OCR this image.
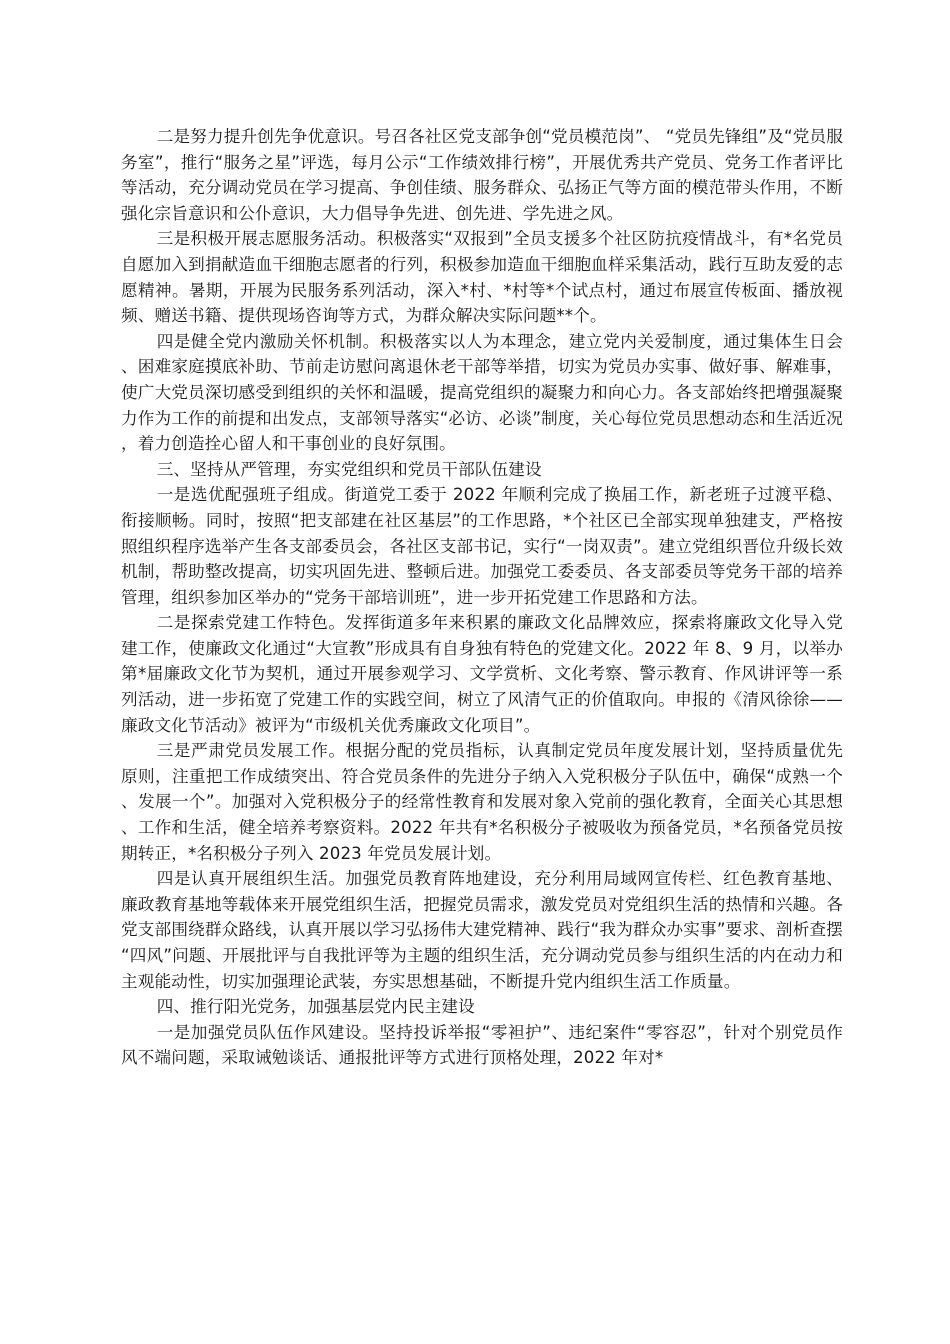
二是努力提升创先争优意识。号召各社区党支部争创“党员模范岗”、 “党员先锋组”及“党员服务室”，推行“服务之星”评选，每月公示“工作绩效排行榜”，开展优秀共产党员、党务工作者评比等活动，充分调动党员在学习提高、争创佳绩、服务群众、弘扬正气等方面的模范带头作用，不断强化宗旨意识和公仆意识，大力倡导争先进、创先进、学先进之风。

三是积极开展志愿服务活动。积极落实“双报到”全员支援多个社区防抗疫情战斗，有*名党员自愿加入到捐献造血干细胞志愿者的行列，积极参加造血干细胞血样采集活动，践行互助友爱的志愿精神。暑期，开展为民服务系列活动，深入*村、*村等*个试点村，通过布展宣传板面、播放视频、赠送书籍、提供现场咨询等方式，为群众解决实际问题**个。

四是健全党内激励关怀机制。积极落实以人为本理念，建立党内关爱制度，通过集体生日会、困难家庭摸底补助、节前走访慰问离退休老干部等举措，切实为党员办实事、做好事、解难事，使广大党员深切感受到组织的关怀和温暖，提高党组织的凝聚力和向心力。各支部始终把增强凝聚力作为工作的前提和出发点，支部领导落实“必访、必谈”制度，关心每位党员思想动态和生活近况，着力创造拴心留人和干事创业的良好氛围。

三、坚持从严管理，夯实党组织和党员干部队伍建设

一是选优配强班子组成。街道党工委于 2022 年顺利完成了换届工作，新老班子过渡平稳、衔接顺畅。同时，按照“把支部建在社区基层”的工作思路，*个社区已全部实现单独建支，严格按照组织程序选举产生各支部委员会，各社区支部书记，实行“一岗双责”。建立党组织晋位升级长效机制，帮助整改提高，切实巩固先进、整顿后进。加强党工委委员、各支部委员等党务干部的培养管理，组织参加区举办的“党务干部培训班”，进一步开拓党建工作思路和方法。

二是探索党建工作特色。发挥街道多年来积累的廉政文化品牌效应，探索将廉政文化导入党建工作，使廉政文化通过“大宣教”形成具有自身独有特色的党建文化。2022 年 8、9 月，以举办第*届廉政文化节为契机，通过开展参观学习、文学赏析、文化考察、警示教育、作风讲评等一系列活动，进一步拓宽了党建工作的实践空间，树立了风清气正的价值取向。申报的《清风徐徐——廉政文化节活动》被评为“市级机关优秀廉政文化项目”。

三是严肃党员发展工作。根据分配的党员指标，认真制定党员年度发展计划，坚持质量优先原则，注重把工作成绩突出、符合党员条件的先进分子纳入入党积极分子队伍中，确保“成熟一个、发展一个”。加强对入党积极分子的经常性教育和发展对象入党前的强化教育，全面关心其思想、工作和生活，健全培养考察资料。2022 年共有*名积极分子被吸收为预备党员，*名预备党员按期转正，*名积极分子列入 2023 年党员发展计划。

四是认真开展组织生活。加强党员教育阵地建设，充分利用局域网宣传栏、红色教育基地、廉政教育基地等载体来开展党组织生活，把握党员需求，激发党员对党组织生活的热情和兴趣。各党支部围绕群众路线，认真开展以学习弘扬伟大建党精神、践行“我为群众办实事”要求、剖析查摆“四风”问题、开展批评与自我批评等为主题的组织生活，充分调动党员参与组织生活的内在动力和主观能动性，切实加强理论武装，夯实思想基础，不断提升党内组织生活工作质量。

四、推行阳光党务，加强基层党内民主建设

一是加强党员队伍作风建设。坚持投诉举报“零袒护”、违纪案件“零容忍”，针对个别党员作风不端问题，采取诫勉谈话、通报批评等方式进行顶格处理，2022 年对*
